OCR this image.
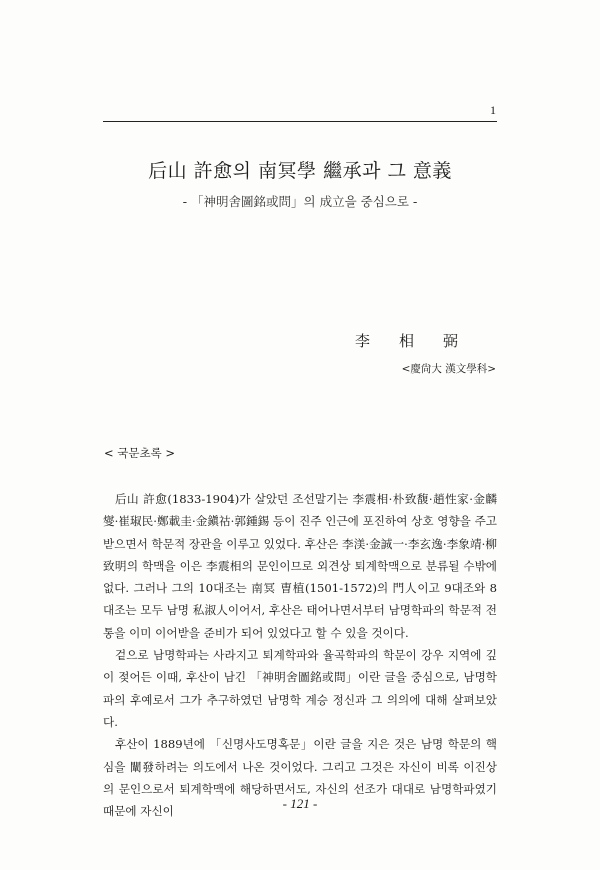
1
后山 許愈의 南冥學 繼承과 그 意義
- 「神明舍圖銘或問」의 成立을 중심으로 -
李相弼
<慶尙大 漢文學科>
< 국문초록 >

后山 許愈(1833-1904)가 살았던 조선말기는 李震相·朴致馥·趙性家·金麟燮·崔琡民·鄭載圭·金鎭祜·郭鍾錫 등이 진주 인근에 포진하여 상호 영향을 주고받으면서 학문적 장관을 이루고 있었다. 후산은 李渼·金誠一·李玄逸·李象靖·柳致明의 학맥을 이은 李震相의 문인이므로 외견상 퇴계학맥으로 분류될 수밖에 없다. 그러나 그의 10대조는 南冥 曺植(1501-1572)의 門人이고 9대조와 8대조는 모두 남명 私淑人이어서, 후산은 태어나면서부터 남명학파의 학문적 전통을 이미 이어받을 준비가 되어 있었다고 할 수 있을 것이다.

겉으로 남명학파는 사라지고 퇴계학파와 율곡학파의 학문이 강우 지역에 깊이 젖어든 이때, 후산이 남긴 「神明舍圖銘或問」이란 글을 중심으로, 남명학파의 후예로서 그가 추구하였던 남명학 계승 정신과 그 의의에 대해 살펴보았다.

후산이 1889년에 「신명사도명혹문」이란 글을 지은 것은 남명 학문의 핵심을 闡發하려는 의도에서 나온 것이었다. 그리고 그것은 자신이 비록 이진상의 문인으로서 퇴계학맥에 해당하면서도, 자신의 선조가 대대로 남명학파였기 때문에 자신이

- 121 -
